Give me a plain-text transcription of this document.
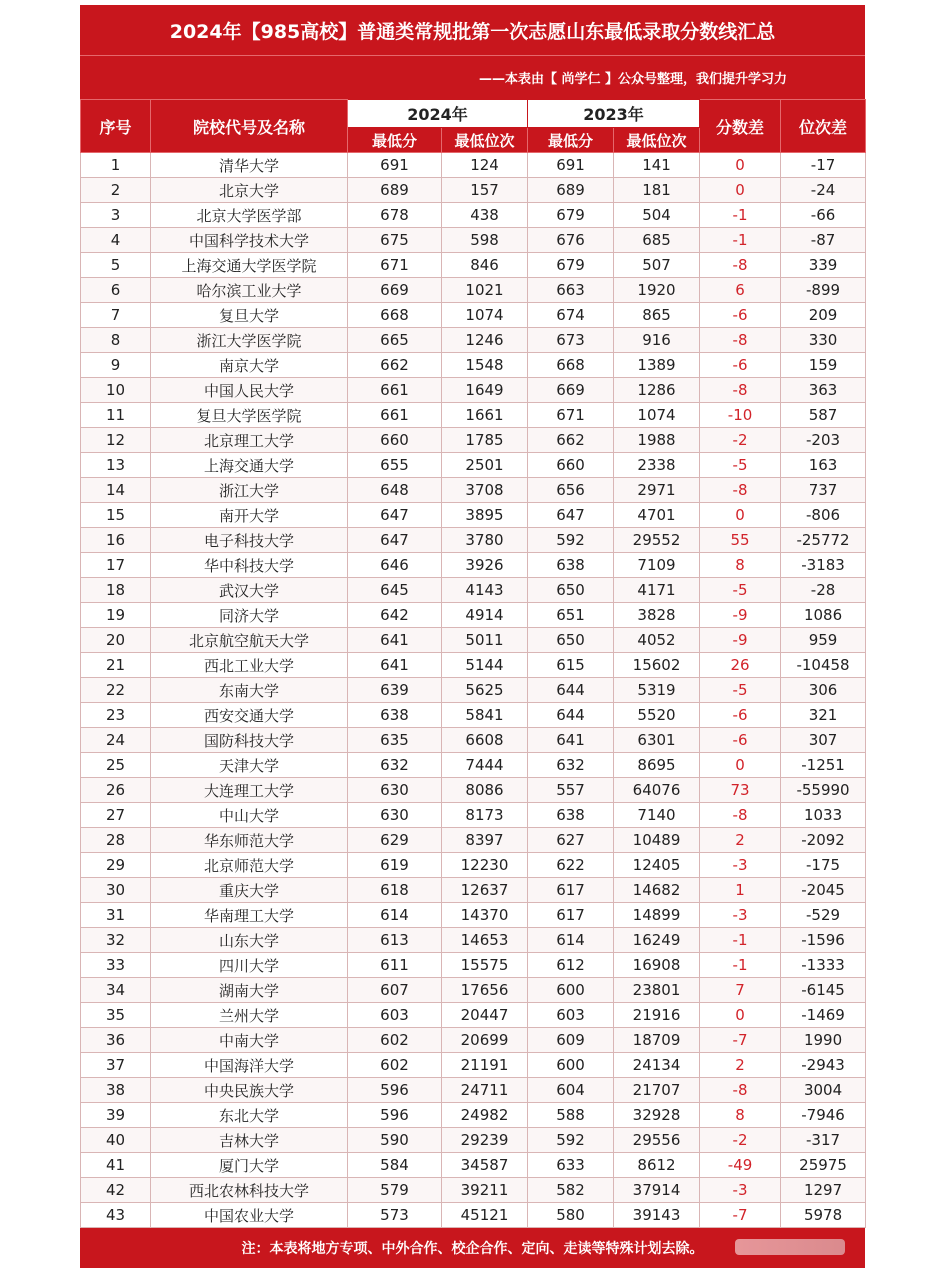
2024年【985高校】普通类常规批第一次志愿山东最低录取分数线汇总
——本表由【 尚学仁 】公众号整理，我们提升学习力
序号	院校代号及名称	2024年		2023年		分数差	位次差
		最低分	最低位次	最低分	最低位次		
1	清华大学	691	124	691	141	0	-17
2	北京大学	689	157	689	181	0	-24
3	北京大学医学部	678	438	679	504	-1	-66
4	中国科学技术大学	675	598	676	685	-1	-87
5	上海交通大学医学院	671	846	679	507	-8	339
6	哈尔滨工业大学	669	1021	663	1920	6	-899
7	复旦大学	668	1074	674	865	-6	209
8	浙江大学医学院	665	1246	673	916	-8	330
9	南京大学	662	1548	668	1389	-6	159
10	中国人民大学	661	1649	669	1286	-8	363
11	复旦大学医学院	661	1661	671	1074	-10	587
12	北京理工大学	660	1785	662	1988	-2	-203
13	上海交通大学	655	2501	660	2338	-5	163
14	浙江大学	648	3708	656	2971	-8	737
15	南开大学	647	3895	647	4701	0	-806
16	电子科技大学	647	3780	592	29552	55	-25772
17	华中科技大学	646	3926	638	7109	8	-3183
18	武汉大学	645	4143	650	4171	-5	-28
19	同济大学	642	4914	651	3828	-9	1086
20	北京航空航天大学	641	5011	650	4052	-9	959
21	西北工业大学	641	5144	615	15602	26	-10458
22	东南大学	639	5625	644	5319	-5	306
23	西安交通大学	638	5841	644	5520	-6	321
24	国防科技大学	635	6608	641	6301	-6	307
25	天津大学	632	7444	632	8695	0	-1251
26	大连理工大学	630	8086	557	64076	73	-55990
27	中山大学	630	8173	638	7140	-8	1033
28	华东师范大学	629	8397	627	10489	2	-2092
29	北京师范大学	619	12230	622	12405	-3	-175
30	重庆大学	618	12637	617	14682	1	-2045
31	华南理工大学	614	14370	617	14899	-3	-529
32	山东大学	613	14653	614	16249	-1	-1596
33	四川大学	611	15575	612	16908	-1	-1333
34	湖南大学	607	17656	600	23801	7	-6145
35	兰州大学	603	20447	603	21916	0	-1469
36	中南大学	602	20699	609	18709	-7	1990
37	中国海洋大学	602	21191	600	24134	2	-2943
38	中央民族大学	596	24711	604	21707	-8	3004
39	东北大学	596	24982	588	32928	8	-7946
40	吉林大学	590	29239	592	29556	-2	-317
41	厦门大学	584	34587	633	8612	-49	25975
42	西北农林科技大学	579	39211	582	37914	-3	1297
43	中国农业大学	573	45121	580	39143	-7	5978
注：本表将地方专项、中外合作、校企合作、定向、走读等特殊计划去除。
